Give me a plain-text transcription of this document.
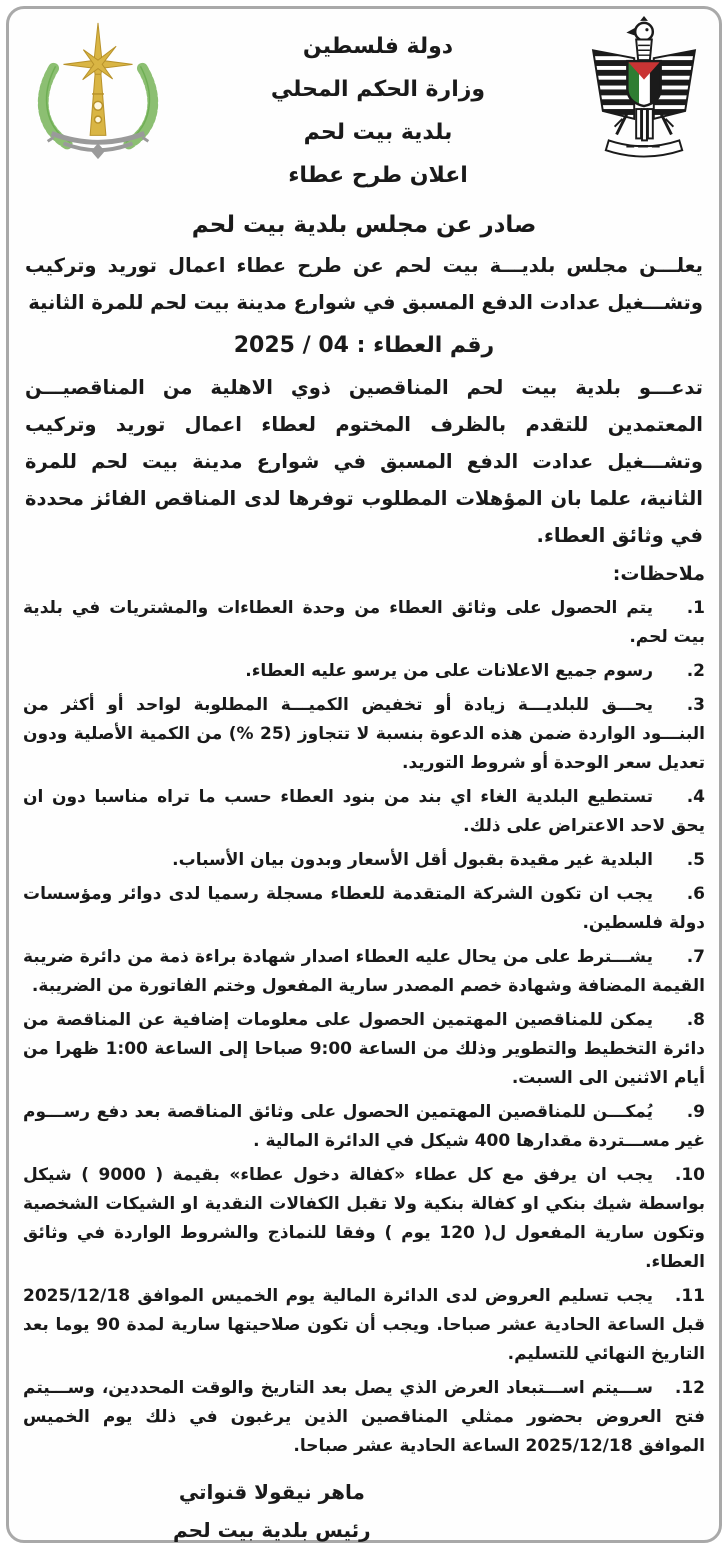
دولة فلسطين
وزارة الحكم المحلي
بلدية بيت لحم
اعلان طرح عطاء
صادر عن مجلس بلدية بيت لحم
يعلـــن مجلس بلديـــة بيت لحم عن طرح عطاء اعمال توريد وتركيب وتشـــغيل عدادت الدفع المسبق في شوارع مدينة بيت لحم للمرة الثانية
رقم العطاء : 04 / 2025
تدعـــو بلدية بيت لحم المناقصين ذوي الاهلية من المناقصيـــن المعتمدين للتقدم بالظرف المختوم لعطاء اعمال توريد وتركيب وتشـــغيل عدادت الدفع المسبق في شوارع مدينة بيت لحم للمرة الثانية، علما بان المؤهلات المطلوب توفرها لدى المناقص الفائز محددة في وثائق العطاء.
ملاحظات:
1.يتم الحصول على وثائق العطاء من وحدة العطاءات والمشتريات في بلدية بيت لحم.
2.رسوم جميع الاعلانات على من يرسو عليه العطاء.
3.يحـــق للبلديـــة زيادة أو تخفيض الكميـــة المطلوبة لواحد أو أكثر من البنـــود الواردة ضمن هذه الدعوة بنسبة لا تتجاوز (25 %) من الكمية الأصلية ودون تعديل سعر الوحدة أو شروط التوريد.
4.تستطيع البلدية الغاء اي بند من بنود العطاء حسب ما تراه مناسبا دون ان يحق لاحد الاعتراض على ذلك.
5.البلدية غير مقيدة بقبول أقل الأسعار وبدون بيان الأسباب.
6.يجب ان تكون الشركة المتقدمة للعطاء مسجلة رسميا لدى دوائر ومؤسسات دولة فلسطين.
7.يشـــترط على من يحال عليه العطاء اصدار شهادة براءة ذمة من دائرة ضريبة القيمة المضافة وشهادة خصم المصدر سارية المفعول وختم الفاتورة من الضريبة.
8.يمكن للمناقصين المهتمين الحصول على معلومات إضافية عن المناقصة من دائرة التخطيط والتطوير وذلك من الساعة 9:00 صباحا إلى الساعة 1:00 ظهرا من أيام الاثنين الى السبت.
9.يُمكـــن للمناقصين المهتمين الحصول على وثائق المناقصة بعد دفع رســـوم غير مســـتردة مقدارها 400 شيكل في الدائرة المالية .
10.يجب ان يرفق مع كل عطاء «كفالة دخول عطاء» بقيمة ( 9000 ) شيكل بواسطة شيك بنكي او كفالة بنكية ولا تقبل الكفالات النقدية او الشيكات الشخصية وتكون سارية المفعول ل( 120 يوم ) وفقا للنماذج والشروط الواردة في وثائق العطاء.
11.يجب تسليم العروض لدى الدائرة المالية يوم الخميس الموافق 2025/12/18 قبل الساعة الحادية عشر صباحا. ويجب أن تكون صلاحيتها سارية لمدة 90 يوما بعد التاريخ النهائي للتسليم.
12.ســـيتم اســـتبعاد العرض الذي يصل بعد التاريخ والوقت المحددين، وســـيتم فتح العروض بحضور ممثلي المناقصين الذين يرغبون في ذلك يوم الخميس الموافق 2025/12/18 الساعة الحادية عشر صباحا.
ماهر نيقولا قنواتي
رئيس بلدية بيت لحم
